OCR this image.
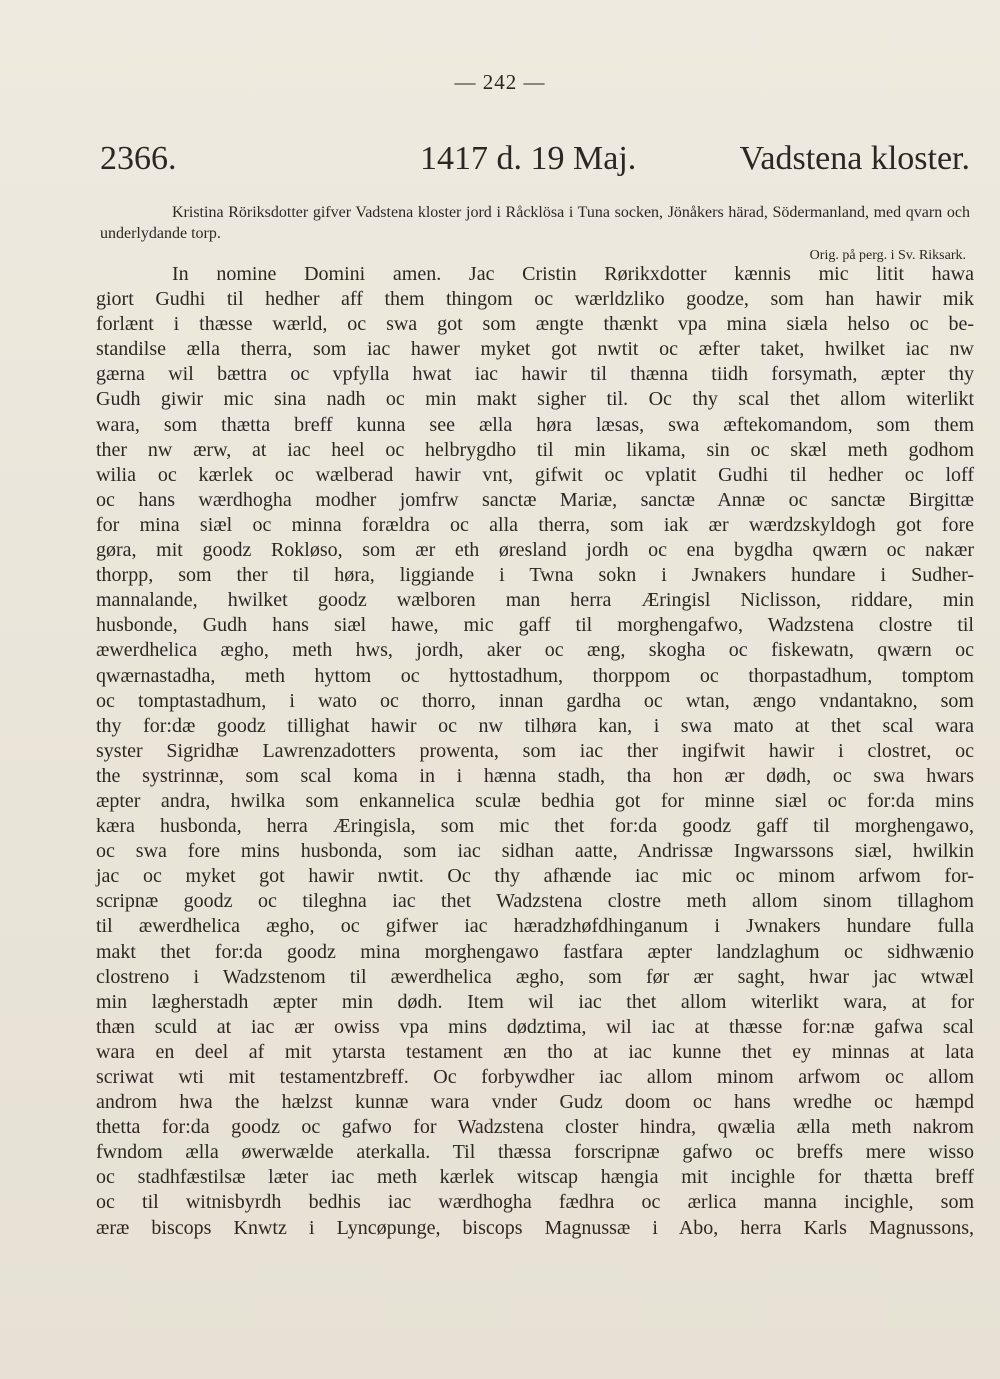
— 242 —
2366.	1417 d. 19 Maj.	Vadstena kloster.
Kristina Röriksdotter gifver Vadstena kloster jord i Råcklösa i Tuna socken, Jönåkers härad, Södermanland, med qvarn och underlydande torp.
Orig. på perg. i Sv. Riksark.
In nomine Domini amen. Jac Cristin Rørikxdotter kænnis mic litit hawa
giort Gudhi til hedher aff them thingom oc wærldzliko goodze, som han hawir mik
forlænt i thæsse wærld, oc swa got som ængte thænkt vpa mina siæla helso oc be-
standilse ælla therra, som iac hawer myket got nwtit oc æfter taket, hwilket iac nw
gærna wil bættra oc vpfylla hwat iac hawir til thænna tiidh forsymath, æpter thy
Gudh giwir mic sina nadh oc min makt sigher til. Oc thy scal thet allom witerlikt
wara, som thætta breff kunna see ælla høra læsas, swa æftekomandom, som them
ther nw ærw, at iac heel oc helbrygdho til min likama, sin oc skæl meth godhom
wilia oc kærlek oc wælberad hawir vnt, gifwit oc vplatit Gudhi til hedher oc loff
oc hans wærdhogha modher jomfrw sanctæ Mariæ, sanctæ Annæ oc sanctæ Birgittæ
for mina siæl oc minna forældra oc alla therra, som iak ær wærdzskyldogh got fore
gøra, mit goodz Rokløso, som ær eth øresland jordh oc ena bygdha qwærn oc nakær
thorpp, som ther til høra, liggiande i Twna sokn i Jwnakers hundare i Sudher-
mannalande, hwilket goodz wælboren man herra Æringisl Niclisson, riddare, min
husbonde, Gudh hans siæl hawe, mic gaff til morghengafwo, Wadzstena clostre til
æwerdhelica ægho, meth hws, jordh, aker oc æng, skogha oc fiskewatn, qwærn oc
qwærnastadha, meth hyttom oc hyttostadhum, thorppom oc thorpastadhum, tomptom
oc tomptastadhum, i wato oc thorro, innan gardha oc wtan, ængo vndantakno, som
thy for:dæ goodz tillighat hawir oc nw tilhøra kan, i swa mato at thet scal wara
syster Sigridhæ Lawrenzadotters prowenta, som iac ther ingifwit hawir i clostret, oc
the systrinnæ, som scal koma in i hænna stadh, tha hon ær dødh, oc swa hwars
æpter andra, hwilka som enkannelica sculæ bedhia got for minne siæl oc for:da mins
kæra husbonda, herra Æringisla, som mic thet for:da goodz gaff til morghengawo,
oc swa fore mins husbonda, som iac sidhan aatte, Andrissæ Ingwarssons siæl, hwilkin
jac oc myket got hawir nwtit. Oc thy afhænde iac mic oc minom arfwom for-
scripnæ goodz oc tileghna iac thet Wadzstena clostre meth allom sinom tillaghom
til æwerdhelica ægho, oc gifwer iac hæradzhøfdhinganum i Jwnakers hundare fulla
makt thet for:da goodz mina morghengawo fastfara æpter landzlaghum oc sidhwænio
clostreno i Wadzstenom til æwerdhelica ægho, som før ær saght, hwar jac wtwæl
min lægherstadh æpter min dødh. Item wil iac thet allom witerlikt wara, at for
thæn sculd at iac ær owiss vpa mins dødztima, wil iac at thæsse for:næ gafwa scal
wara en deel af mit ytarsta testament æn tho at iac kunne thet ey minnas at lata
scriwat wti mit testamentzbreff. Oc forbywdher iac allom minom arfwom oc allom
androm hwa the hælzst kunnæ wara vnder Gudz doom oc hans wredhe oc hæmpd
thetta for:da goodz oc gafwo for Wadzstena closter hindra, qwælia ælla meth nakrom
fwndom ælla øwerwælde aterkalla. Til thæssa forscripnæ gafwo oc breffs mere wisso
oc stadhfæstilsæ læter iac meth kærlek witscap hængia mit incighle for thætta breff
oc til witnisbyrdh bedhis iac wærdhogha fædhra oc ærlica manna incighle, som
æræ biscops Knwtz i Lyncøpunge, biscops Magnussæ i Abo, herra Karls Magnussons,
